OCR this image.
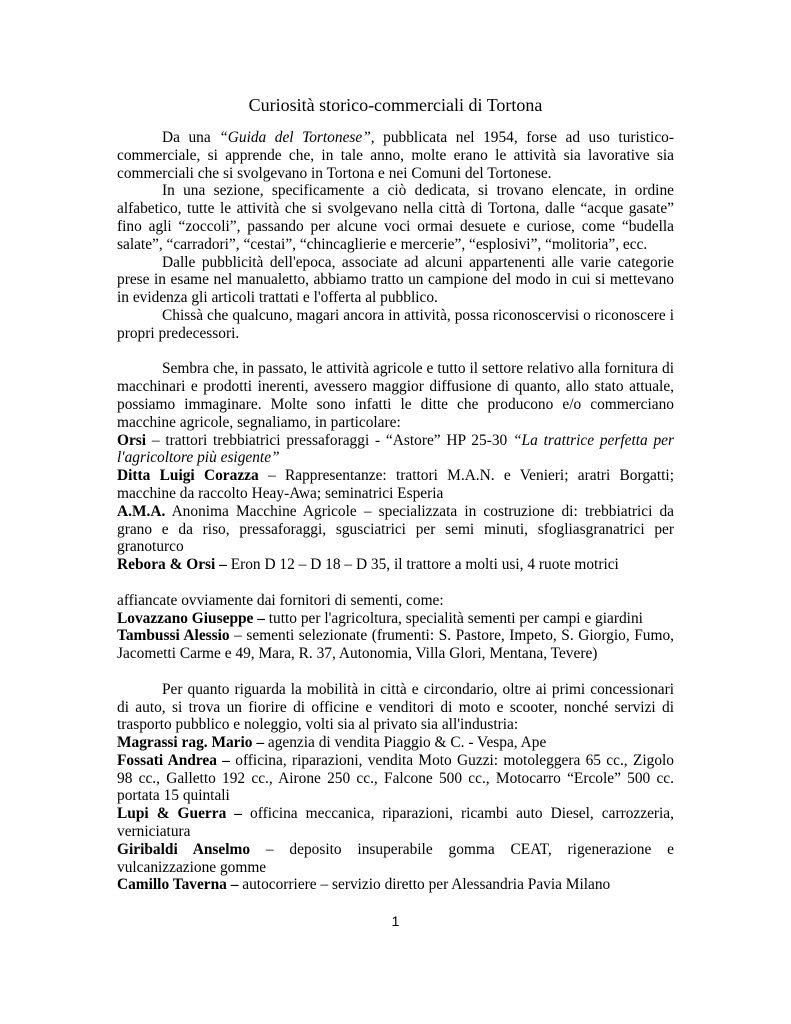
Curiosità storico-commerciali di Tortona

Da una “Guida del Tortonese”, pubblicata nel 1954, forse ad uso turistico-commerciale, si apprende che, in tale anno, molte erano le attività sia lavorative sia commerciali che si svolgevano in Tortona e nei Comuni del Tortonese.

In una sezione, specificamente a ciò dedicata, si trovano elencate, in ordine alfabetico, tutte le attività che si svolgevano nella città di Tortona, dalle “acque gasate” fino agli “zoccoli”, passando per alcune voci ormai desuete e curiose, come “budella salate”, “carradori”, “cestai”, “chincaglierie e mercerie”, “esplosivi”, “molitoria”, ecc.

Dalle pubblicità dell'epoca, associate ad alcuni appartenenti alle varie categorie prese in esame nel manualetto, abbiamo tratto un campione del modo in cui si mettevano in evidenza gli articoli trattati e l'offerta al pubblico.

Chissà che qualcuno, magari ancora in attività, possa riconoscervisi o riconoscere i propri predecessori.

Sembra che, in passato, le attività agricole e tutto il settore relativo alla fornitura di macchinari e prodotti inerenti, avessero maggior diffusione di quanto, allo stato attuale, possiamo immaginare. Molte sono infatti le ditte che producono e/o commerciano macchine agricole, segnaliamo, in particolare:

Orsi – trattori trebbiatrici pressaforaggi - “Astore” HP 25-30 “La trattrice perfetta per l'agricoltore più esigente”

Ditta Luigi Corazza – Rappresentanze: trattori M.A.N. e Venieri; aratri Borgatti; macchine da raccolto Heay-Awa; seminatrici Esperia

A.M.A. Anonima Macchine Agricole – specializzata in costruzione di: trebbiatrici da grano e da riso, pressaforaggi, sgusciatrici per semi minuti, sfogliasgranatrici per granoturco

Rebora & Orsi – Eron D 12 – D 18 – D 35, il trattore a molti usi, 4 ruote motrici

affiancate ovviamente dai fornitori di sementi, come:

Lovazzano Giuseppe – tutto per l'agricoltura, specialità sementi per campi e giardini

Tambussi Alessio – sementi selezionate (frumenti: S. Pastore, Impeto, S. Giorgio, Fumo, Jacometti Carme e 49, Mara, R. 37, Autonomia, Villa Glori, Mentana, Tevere)

Per quanto riguarda la mobilità in città e circondario, oltre ai primi concessionari di auto, si trova un fiorire di officine e venditori di moto e scooter, nonché servizi di trasporto pubblico e noleggio, volti sia al privato sia all'industria:

Magrassi rag. Mario – agenzia di vendita Piaggio & C. - Vespa, Ape

Fossati Andrea – officina, riparazioni, vendita Moto Guzzi: motoleggera 65 cc., Zigolo 98 cc., Galletto 192 cc., Airone 250 cc., Falcone 500 cc., Motocarro “Ercole” 500 cc. portata 15 quintali

Lupi & Guerra – officina meccanica, riparazioni, ricambi auto Diesel, carrozzeria, verniciatura

Giribaldi Anselmo – deposito insuperabile gomma CEAT, rigenerazione e vulcanizzazione gomme

Camillo Taverna – autocorriere – servizio diretto per Alessandria Pavia Milano

1
